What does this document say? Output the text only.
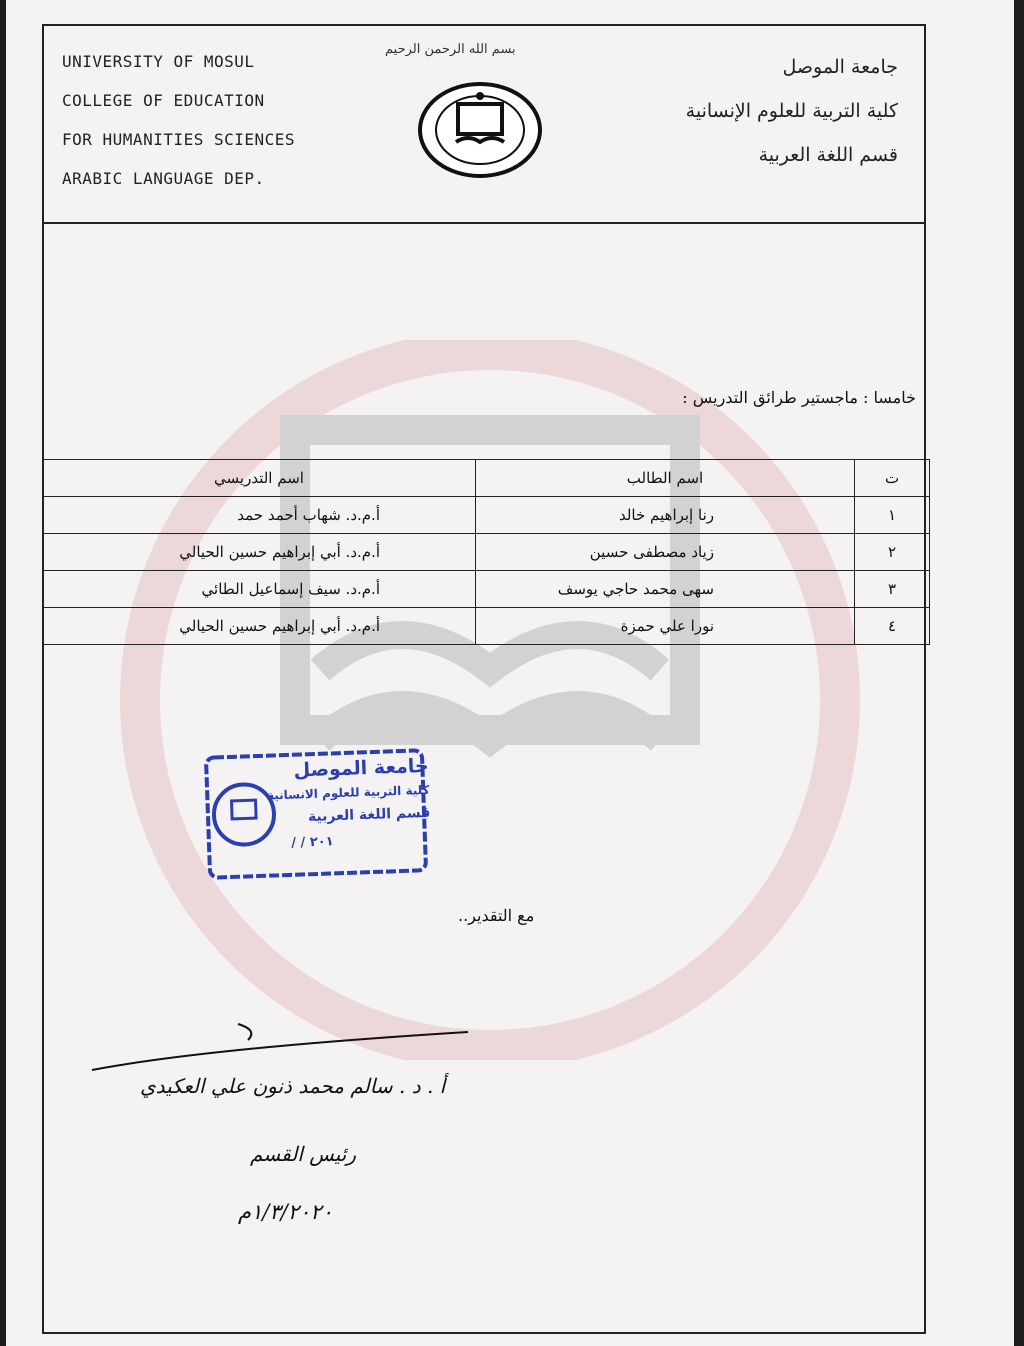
UNIVERSITY OF MOSUL
COLLEGE OF EDUCATION
FOR HUMANITIES SCIENCES
ARABIC LANGUAGE DEP.
بسم الله الرحمن الرحيم
جامعة الموصل
كلية التربية للعلوم الإنسانية
قسم اللغة العربية
خامسا : ماجستير طرائق التدريس :
ت	اسم الطالب	اسم التدريسي
١	رنا إبراهيم خالد	أ.م.د. شهاب أحمد حمد
٢	زياد مصطفى حسين	أ.م.د. أبي إبراهيم حسين الحيالي
٣	سهى محمد حاجي يوسف	أ.م.د. سيف إسماعيل الطائي
٤	نورا علي حمزة	أ.م.د. أبي إبراهيم حسين الحيالي
جامعة الموصل
كلية التربية للعلوم الانسانية
قسم اللغة العربية
٢٠١ / /
مع التقدير..
أ . د . سالم محمد ذنون علي العكيدي
رئيس القسم
١/٣/٢٠٢٠م
